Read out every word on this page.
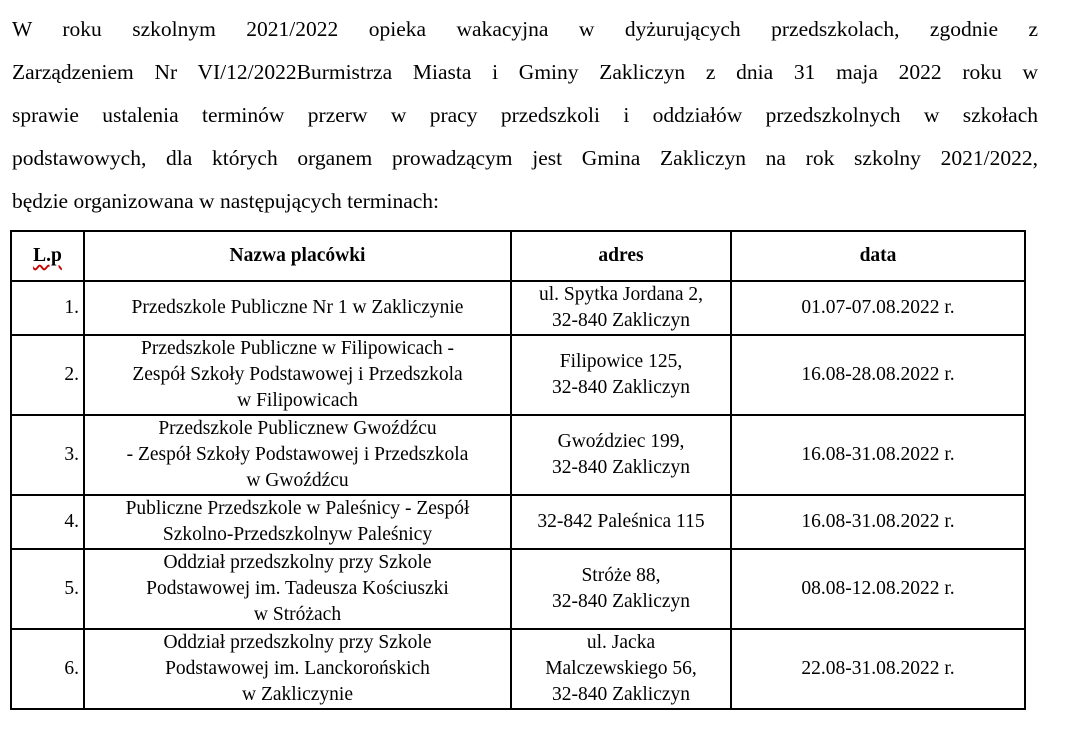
W roku szkolnym 2021/2022 opieka wakacyjna w dyżurujących przedszkolach, zgodnie z
Zarządzeniem Nr VI/12/2022Burmistrza Miasta i Gminy Zakliczyn z dnia 31 maja 2022 roku w
sprawie ustalenia terminów przerw w pracy przedszkoli i oddziałów przedszkolnych w szkołach
podstawowych, dla których organem prowadzącym jest Gmina Zakliczyn na rok szkolny 2021/2022,
będzie organizowana w następujących terminach:

L.p	Nazwa placówki	adres	data
1.	Przedszkole Publiczne Nr 1 w Zakliczynie	ul. Spytka Jordana 2,
32-840 Zakliczyn	01.07-07.08.2022 r.
2.	Przedszkole Publiczne w Filipowicach -
Zespół Szkoły Podstawowej i Przedszkola
w Filipowicach	Filipowice 125,
32-840 Zakliczyn	16.08-28.08.2022 r.
3.	Przedszkole Publicznew Gwoźdźcu
- Zespół Szkoły Podstawowej i Przedszkola
w Gwoźdźcu	Gwoździec 199,
32-840 Zakliczyn	16.08-31.08.2022 r.
4.	Publiczne Przedszkole w Paleśnicy - Zespół
Szkolno-Przedszkolnyw Paleśnicy	32-842 Paleśnica 115	16.08-31.08.2022 r.
5.	Oddział przedszkolny przy Szkole
Podstawowej im. Tadeusza Kościuszki
w Stróżach	Stróże 88,
32-840 Zakliczyn	08.08-12.08.2022 r.
6.	Oddział przedszkolny przy Szkole
Podstawowej im. Lanckorońskich
w Zakliczynie	ul. Jacka
Malczewskiego 56,
32-840 Zakliczyn	22.08-31.08.2022 r.
